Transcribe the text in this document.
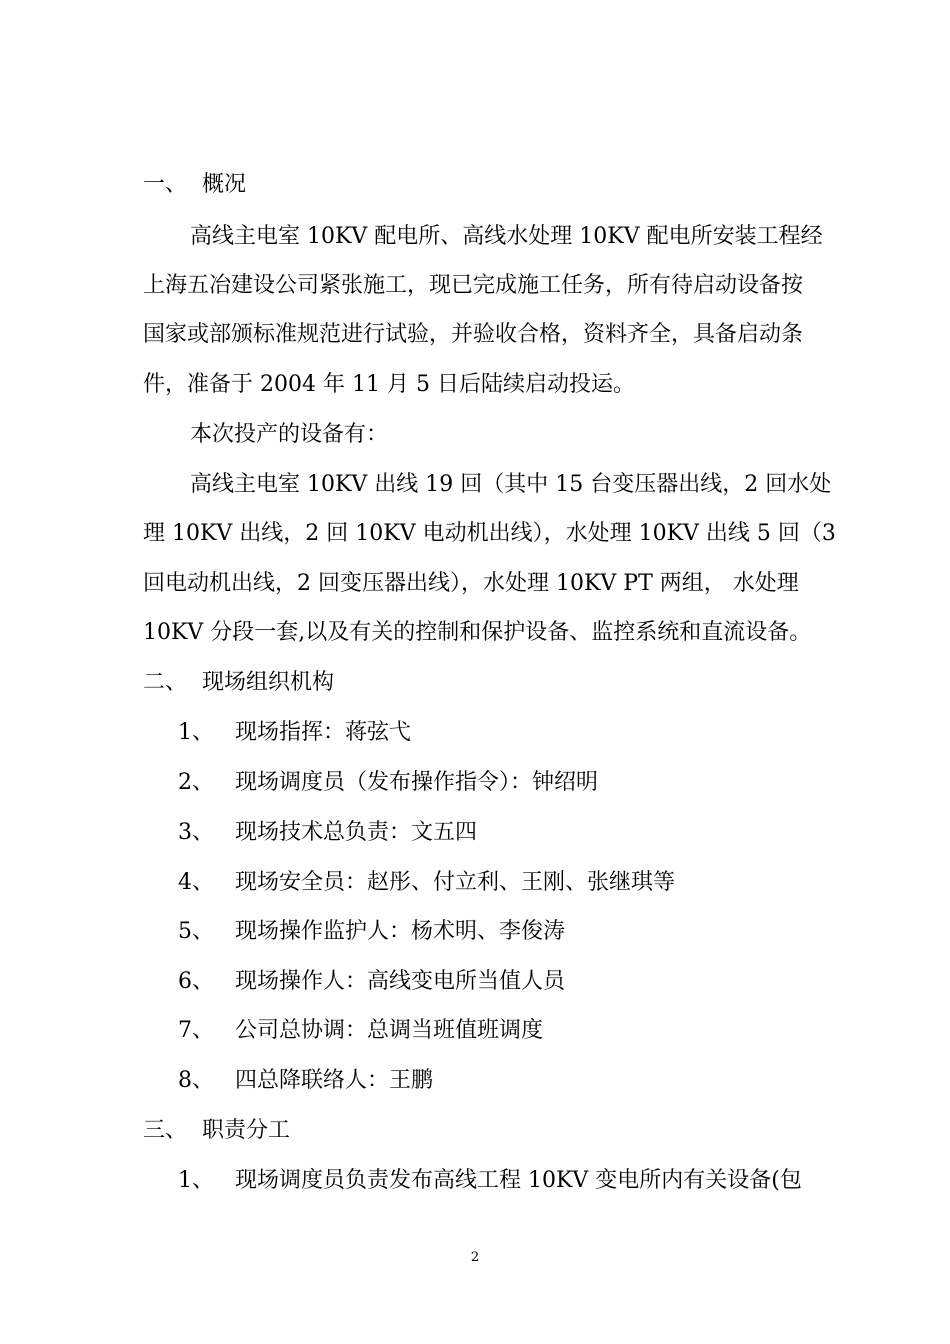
一、 概况
高线主电室 10KV 配电所、高线水处理 10KV 配电所安装工程经
上海五冶建设公司紧张施工，现已完成施工任务，所有待启动设备按
国家或部颁标准规范进行试验，并验收合格，资料齐全，具备启动条
件，准备于 2004 年 11 月 5 日后陆续启动投运。
本次投产的设备有：
高线主电室 10KV 出线 19 回（其中 15 台变压器出线，2 回水处
理 10KV 出线，2 回 10KV 电动机出线），水处理 10KV 出线 5 回（3
回电动机出线，2 回变压器出线），水处理 10KV PT 两组， 水处理
10KV 分段一套,以及有关的控制和保护设备、监控系统和直流设备。
二、 现场组织机构
1、 现场指挥：蒋弦弋
2、 现场调度员（发布操作指令）：钟绍明
3、 现场技术总负责：文五四
4、 现场安全员：赵彤、付立利、王刚、张继琪等
5、 现场操作监护人：杨术明、李俊涛
6、 现场操作人：高线变电所当值人员
7、 公司总协调：总调当班值班调度
8、 四总降联络人：王鹏
三、 职责分工
1、 现场调度员负责发布高线工程 10KV 变电所内有关设备(包
2
